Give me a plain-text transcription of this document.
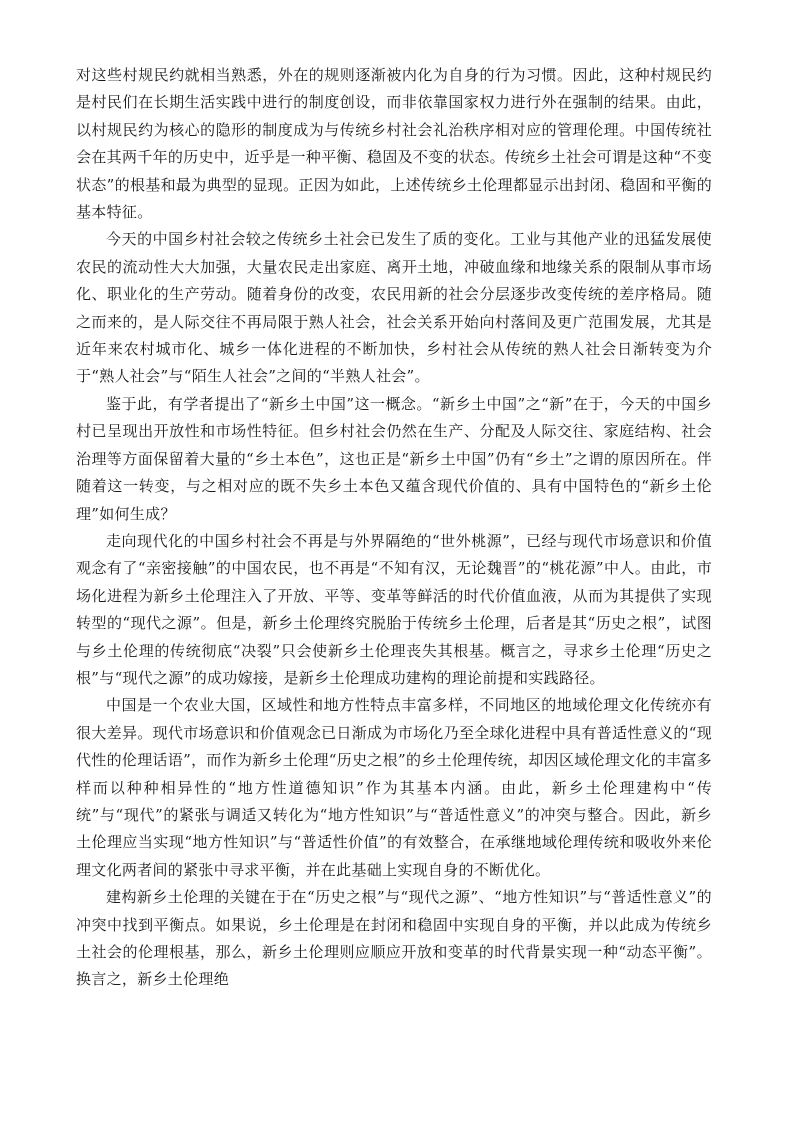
对这些村规民约就相当熟悉，外在的规则逐渐被内化为自身的行为习惯。因此，这种村规民约是村民们在长期生活实践中进行的制度创设，而非依靠国家权力进行外在强制的结果。由此，以村规民约为核心的隐形的制度成为与传统乡村社会礼治秩序相对应的管理伦理。中国传统社会在其两千年的历史中，近乎是一种平衡、稳固及不变的状态。传统乡土社会可谓是这种“不变状态”的根基和最为典型的显现。正因为如此，上述传统乡土伦理都显示出封闭、稳固和平衡的基本特征。

今天的中国乡村社会较之传统乡土社会已发生了质的变化。工业与其他产业的迅猛发展使农民的流动性大大加强，大量农民走出家庭、离开土地，冲破血缘和地缘关系的限制从事市场化、职业化的生产劳动。随着身份的改变，农民用新的社会分层逐步改变传统的差序格局。随之而来的，是人际交往不再局限于熟人社会，社会关系开始向村落间及更广范围发展，尤其是近年来农村城市化、城乡一体化进程的不断加快，乡村社会从传统的熟人社会日渐转变为介于“熟人社会”与“陌生人社会”之间的“半熟人社会”。

鉴于此，有学者提出了“新乡土中国”这一概念。“新乡土中国”之“新”在于，今天的中国乡村已呈现出开放性和市场性特征。但乡村社会仍然在生产、分配及人际交往、家庭结构、社会治理等方面保留着大量的“乡土本色”，这也正是“新乡土中国”仍有“乡土”之谓的原因所在。伴随着这一转变，与之相对应的既不失乡土本色又蕴含现代价值的、具有中国特色的“新乡土伦理”如何生成？

走向现代化的中国乡村社会不再是与外界隔绝的“世外桃源”，已经与现代市场意识和价值观念有了“亲密接触”的中国农民，也不再是“不知有汉，无论魏晋”的“桃花源”中人。由此，市场化进程为新乡土伦理注入了开放、平等、变革等鲜活的时代价值血液，从而为其提供了实现转型的“现代之源”。但是，新乡土伦理终究脱胎于传统乡土伦理，后者是其“历史之根”，试图与乡土伦理的传统彻底“决裂”只会使新乡土伦理丧失其根基。概言之，寻求乡土伦理“历史之根”与“现代之源”的成功嫁接，是新乡土伦理成功建构的理论前提和实践路径。

中国是一个农业大国，区域性和地方性特点丰富多样，不同地区的地域伦理文化传统亦有很大差异。现代市场意识和价值观念已日渐成为市场化乃至全球化进程中具有普适性意义的“现代性的伦理话语”，而作为新乡土伦理“历史之根”的乡土伦理传统，却因区域伦理文化的丰富多样而以种种相异性的“地方性道德知识”作为其基本内涵。由此，新乡土伦理建构中“传统”与“现代”的紧张与调适又转化为“地方性知识”与“普适性意义”的冲突与整合。因此，新乡土伦理应当实现“地方性知识”与“普适性价值”的有效整合，在承继地域伦理传统和吸收外来伦理文化两者间的紧张中寻求平衡，并在此基础上实现自身的不断优化。

建构新乡土伦理的关键在于在“历史之根”与“现代之源”、“地方性知识”与“普适性意义”的冲突中找到平衡点。如果说，乡土伦理是在封闭和稳固中实现自身的平衡，并以此成为传统乡土社会的伦理根基，那么，新乡土伦理则应顺应开放和变革的时代背景实现一种“动态平衡”。换言之，新乡土伦理绝
